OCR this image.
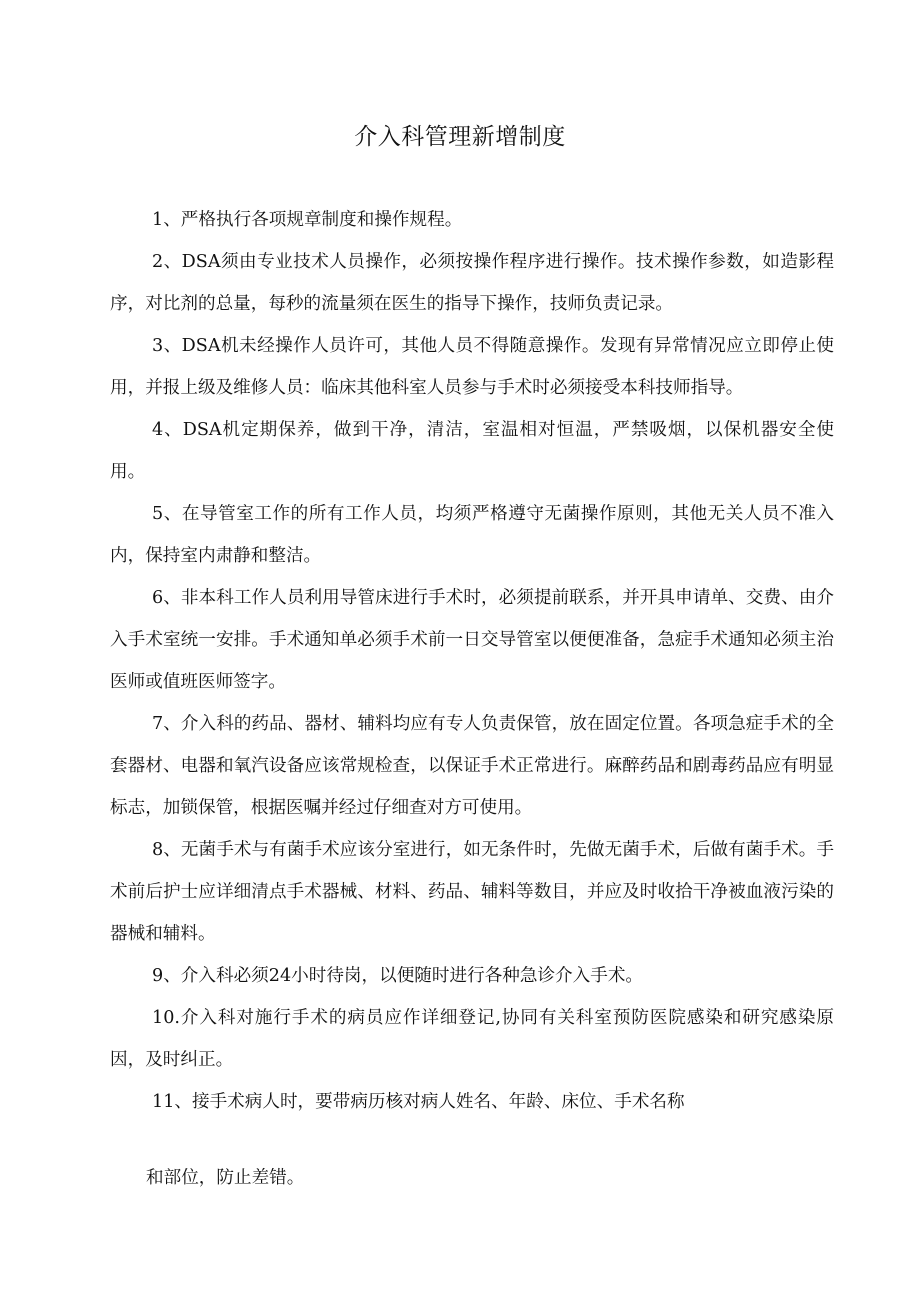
介入科管理新增制度

1、严格执行各项规章制度和操作规程。

2、DSA须由专业技术人员操作，必须按操作程序进行操作。技术操作参数，如造影程序，对比剂的总量，每秒的流量须在医生的指导下操作，技师负责记录。

3、DSA机未经操作人员许可，其他人员不得随意操作。发现有异常情况应立即停止使用，并报上级及维修人员：临床其他科室人员参与手术时必须接受本科技师指导。

4、DSA机定期保养，做到干净，清洁，室温相对恒温，严禁吸烟，以保机器安全使用。

5、在导管室工作的所有工作人员，均须严格遵守无菌操作原则，其他无关人员不准入内，保持室内肃静和整洁。

6、非本科工作人员利用导管床进行手术时，必须提前联系，并开具申请单、交费、由介入手术室统一安排。手术通知单必须手术前一日交导管室以便便准备，急症手术通知必须主治医师或值班医师签字。

7、介入科的药品、器材、辅料均应有专人负责保管，放在固定位置。各项急症手术的全套器材、电器和氧汽设备应该常规检查，以保证手术正常进行。麻醉药品和剧毒药品应有明显标志，加锁保管，根据医嘱并经过仔细查对方可使用。

8、无菌手术与有菌手术应该分室进行，如无条件时，先做无菌手术，后做有菌手术。手术前后护士应详细清点手术器械、材料、药品、辅料等数目，并应及时收拾干净被血液污染的器械和辅料。

9、介入科必须24小时待岗，以便随时进行各种急诊介入手术。

10.介入科对施行手术的病员应作详细登记,协同有关科室预防医院感染和研究感染原因，及时纠正。

11、接手术病人时，要带病历核对病人姓名、年龄、床位、手术名称

和部位，防止差错。
